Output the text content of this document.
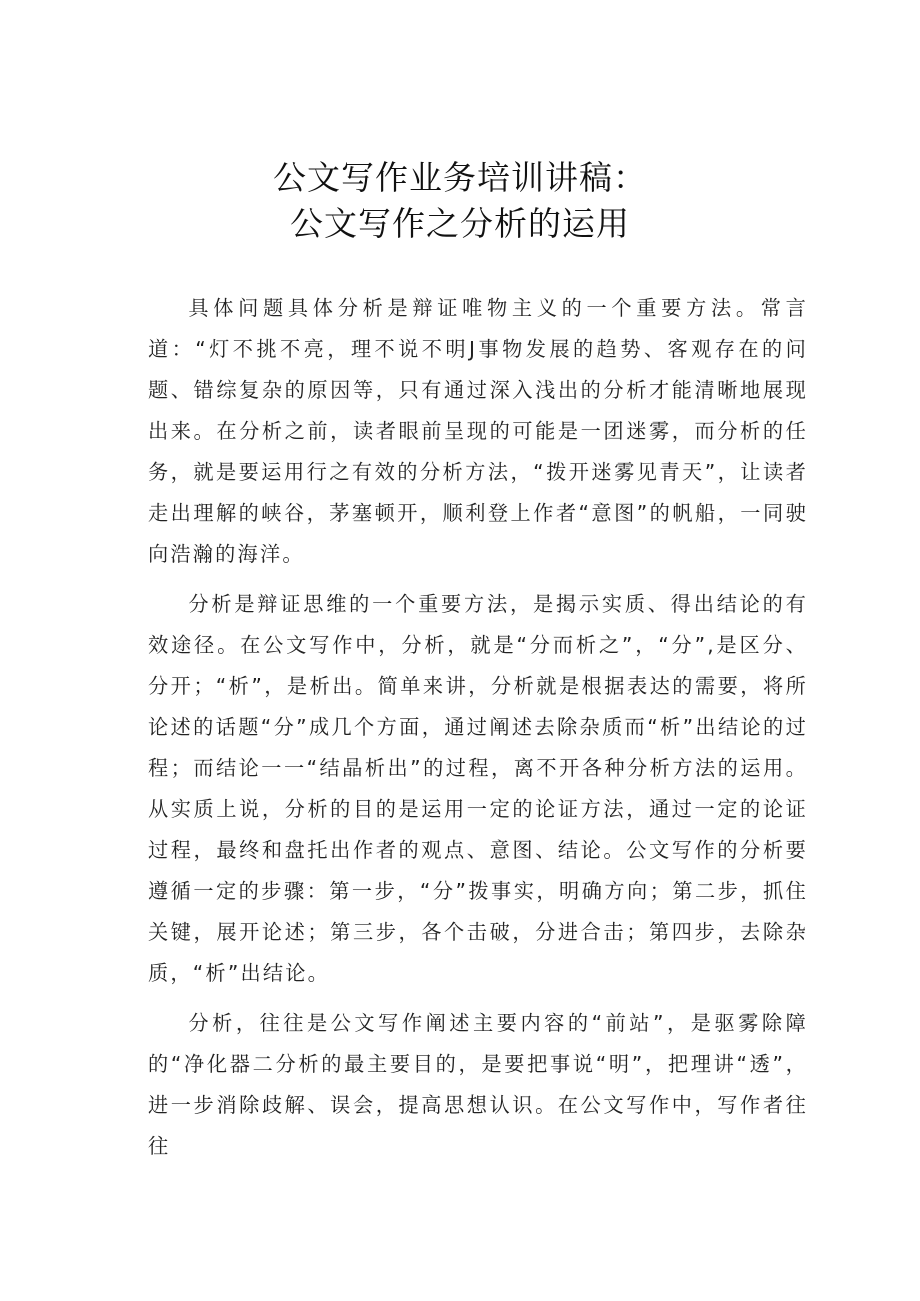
公文写作业务培训讲稿：
公文写作之分析的运用

具体问题具体分析是辩证唯物主义的一个重要方法。常言道：“灯不挑不亮，理不说不明J事物发展的趋势、客观存在的问题、错综复杂的原因等，只有通过深入浅出的分析才能清晰地展现出来。在分析之前，读者眼前呈现的可能是一团迷雾，而分析的任务，就是要运用行之有效的分析方法，“拨开迷雾见青天”，让读者走出理解的峡谷，茅塞顿开，顺利登上作者“意图”的帆船，一同驶向浩瀚的海洋。

分析是辩证思维的一个重要方法，是揭示实质、得出结论的有效途径。在公文写作中，分析，就是“分而析之”，“分”,是区分、分开；“析”，是析出。简单来讲，分析就是根据表达的需要，将所论述的话题“分”成几个方面，通过阐述去除杂质而“析”出结论的过程；而结论一一“结晶析出”的过程，离不开各种分析方法的运用。从实质上说，分析的目的是运用一定的论证方法，通过一定的论证过程，最终和盘托出作者的观点、意图、结论。公文写作的分析要遵循一定的步骤：第一步，“分”拨事实，明确方向；第二步，抓住关键，展开论述；第三步，各个击破，分进合击；第四步，去除杂质，“析”出结论。

分析，往往是公文写作阐述主要内容的“前站”，是驱雾除障的“净化器二分析的最主要目的，是要把事说“明”，把理讲“透”，进一步消除歧解、误会，提高思想认识。在公文写作中，写作者往往
